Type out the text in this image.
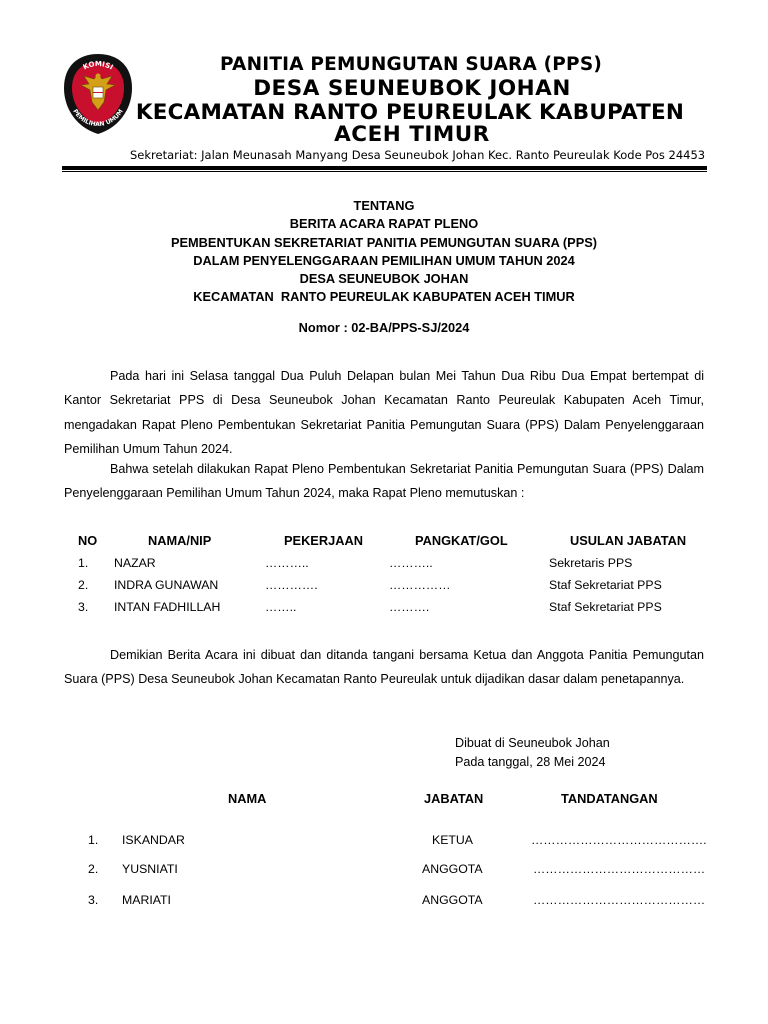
KOMISI
PEMILIHAN UMUM
PANITIA PEMUNGUTAN SUARA (PPS)
DESA SEUNEUBOK JOHAN
KECAMATAN RANTO PEUREULAK KABUPATEN
ACEH TIMUR
Sekretariat: Jalan Meunasah Manyang Desa Seuneubok Johan Kec. Ranto Peureulak Kode Pos 24453
TENTANG
BERITA ACARA RAPAT PLENO
PEMBENTUKAN SEKRETARIAT PANITIA PEMUNGUTAN SUARA (PPS)
DALAM PENYELENGGARAAN PEMILIHAN UMUM TAHUN 2024
DESA SEUNEUBOK JOHAN
KECAMATAN  RANTO PEUREULAK KABUPATEN ACEH TIMUR
Nomor : 02-BA/PPS-SJ/2024
Pada hari ini Selasa tanggal Dua Puluh Delapan bulan Mei Tahun Dua Ribu Dua Empat bertempat di Kantor Sekretariat PPS di Desa Seuneubok Johan Kecamatan Ranto Peureulak Kabupaten Aceh Timur, mengadakan Rapat Pleno Pembentukan Sekretariat Panitia Pemungutan Suara (PPS) Dalam Penyelenggaraan Pemilihan Umum Tahun 2024.
Bahwa setelah dilakukan Rapat Pleno Pembentukan Sekretariat Panitia Pemungutan Suara (PPS) Dalam Penyelenggaraan Pemilihan Umum Tahun 2024, maka Rapat Pleno memutuskan :
NO	NAMA/NIP	PEKERJAAN	PANGKAT/GOL	USULAN JABATAN
1. NAZAR	………..	………..	Sekretaris PPS
2. INDRA GUNAWAN	………….	……………	Staf Sekretariat PPS
3. INTAN FADHILLAH	……..	……….	Staf Sekretariat PPS
Demikian Berita Acara ini dibuat dan ditanda tangani bersama Ketua dan Anggota Panitia Pemungutan Suara (PPS) Desa Seuneubok Johan Kecamatan Ranto Peureulak untuk dijadikan dasar dalam penetapannya.
Dibuat di Seuneubok Johan
Pada tanggal, 28 Mei 2024
NAMA	JABATAN	TANDATANGAN
1. ISKANDAR	KETUA	…………………………………….
2. YUSNIATI	ANGGOTA	……………………………………
3. MARIATI	ANGGOTA	……………………………………
